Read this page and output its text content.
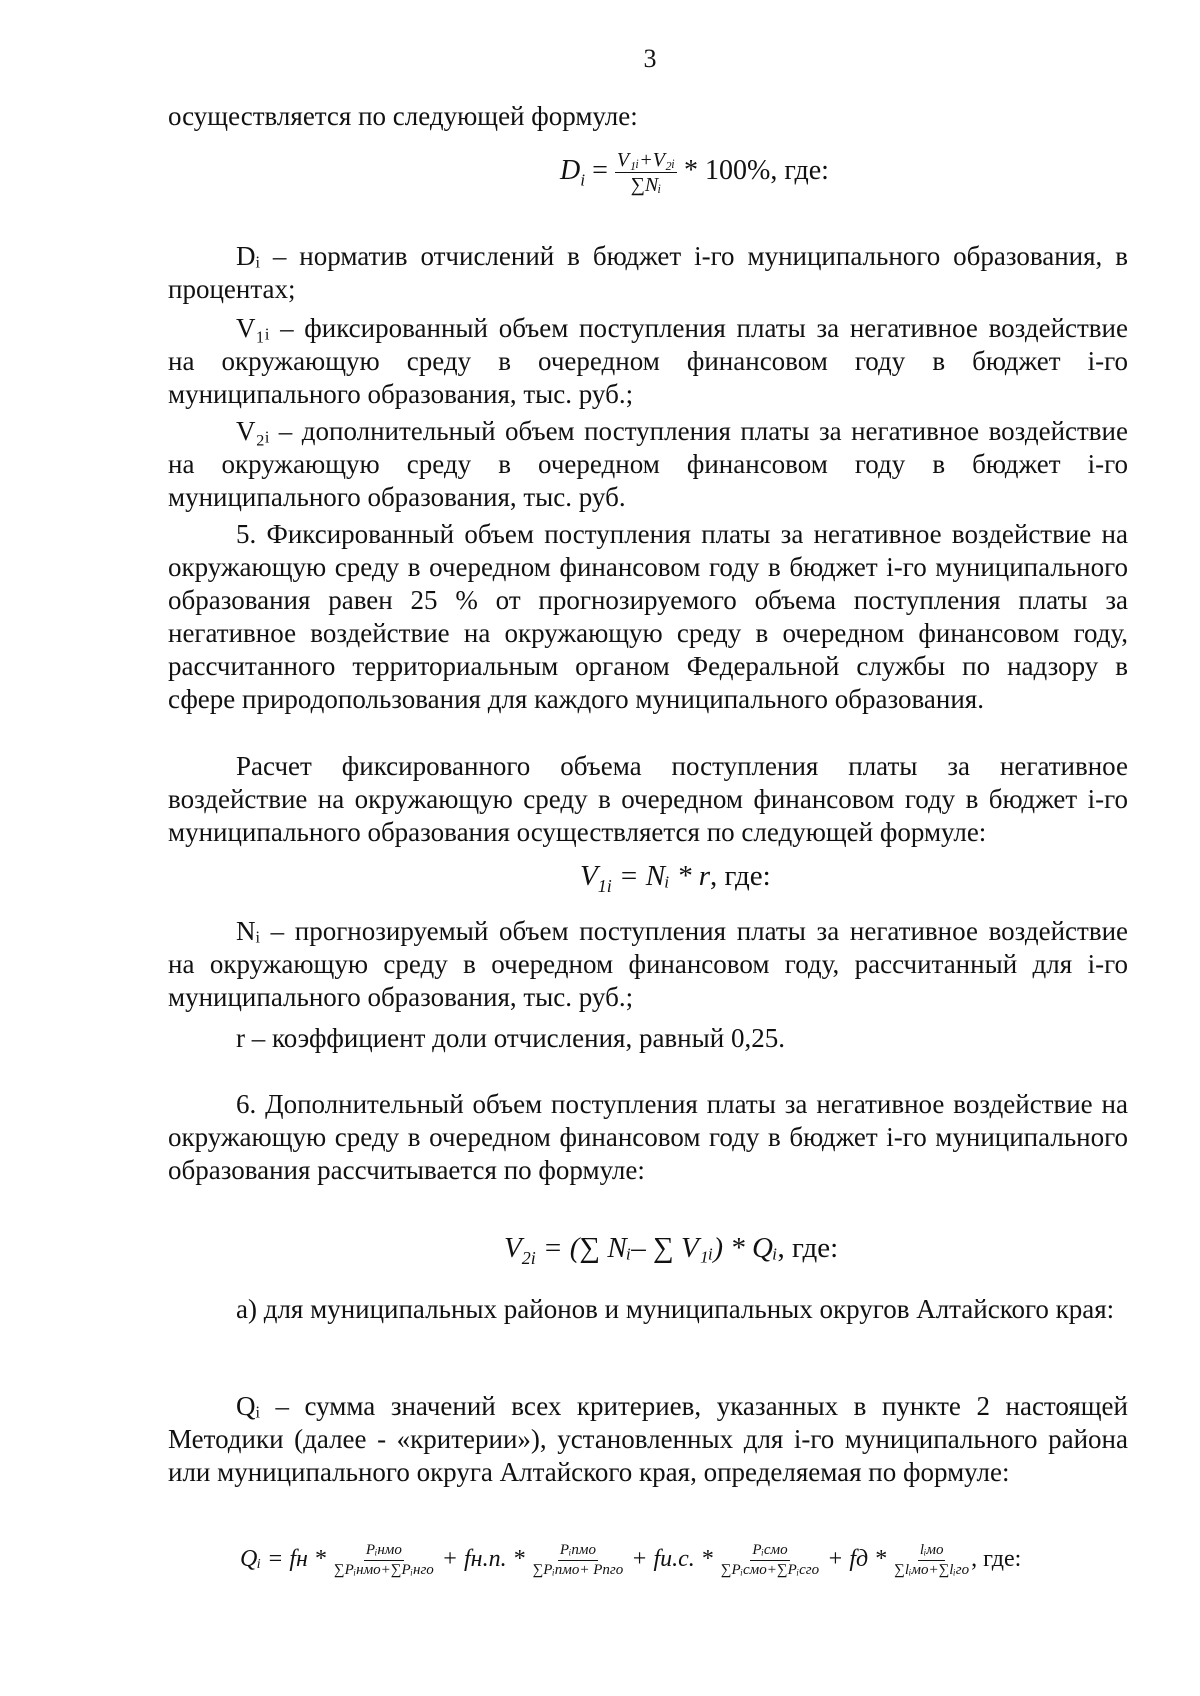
3

осуществляется по следующей формуле:

$D_i = \frac{\text{V₁ᵢ+V₂ᵢ}}{\text{∑Nᵢ}} * 100\%$, где:

Dᵢ – норматив отчислений в бюджет i-го муниципального образования, в процентах;

V₁ᵢ – фиксированный объем поступления платы за негативное воздействие на окружающую среду в очередном финансовом году в бюджет i-го муниципального образования, тыс. руб.;

V₂ᵢ – дополнительный объем поступления платы за негативное воздействие на окружающую среду в очередном финансовом году в бюджет i-го муниципального образования, тыс. руб.

5. Фиксированный объем поступления платы за негативное воздействие на окружающую среду в очередном финансовом году в бюджет i-го муниципального образования равен 25 % от прогнозируемого объема поступления платы за негативное воздействие на окружающую среду в очередном финансовом году, рассчитанного территориальным органом Федеральной службы по надзору в сфере природопользования для каждого муниципального образования.

Расчет фиксированного объема поступления платы за негативное воздействие на окружающую среду в очередном финансовом году в бюджет i-го муниципального образования осуществляется по следующей формуле:

$V_{1i}$ = Nᵢ * r, где:

Nᵢ – прогнозируемый объем поступления платы за негативное воздействие на окружающую среду в очередном финансовом году, рассчитанный для i-го муниципального образования, тыс. руб.;

r – коэффициент доли отчисления, равный 0,25.

6. Дополнительный объем поступления платы за негативное воздействие на окружающую среду в очередном финансовом году в бюджет i-го муниципального образования рассчитывается по формуле:

$V_{2i}$ = (∑ Nᵢ– ∑ V₁ᵢ) * Qᵢ, где:

а) для муниципальных районов и муниципальных округов Алтайского края:

Qᵢ – сумма значений всех критериев, указанных в пункте 2 настоящей Методики (далее - «критерии»), установленных для i-го муниципального района или муниципального округа Алтайского края, определяемая по формуле:

Qᵢ = fн * $\frac{\text{Pᵢнмо}}{\text{∑Pᵢнмо+∑Pᵢнго}} + fн.п$. * $\frac{\text{Pᵢпмо}}{\text{∑Pᵢпмо+ Pпго}} + fи.с$. * $\frac{\text{Pᵢсмо}}{\text{∑Pᵢсмо+∑Pᵢсго}}$ + fд * $\frac{\text{lᵢмо}}{\text{∑lᵢмо+∑lᵢго}}$ , где:
